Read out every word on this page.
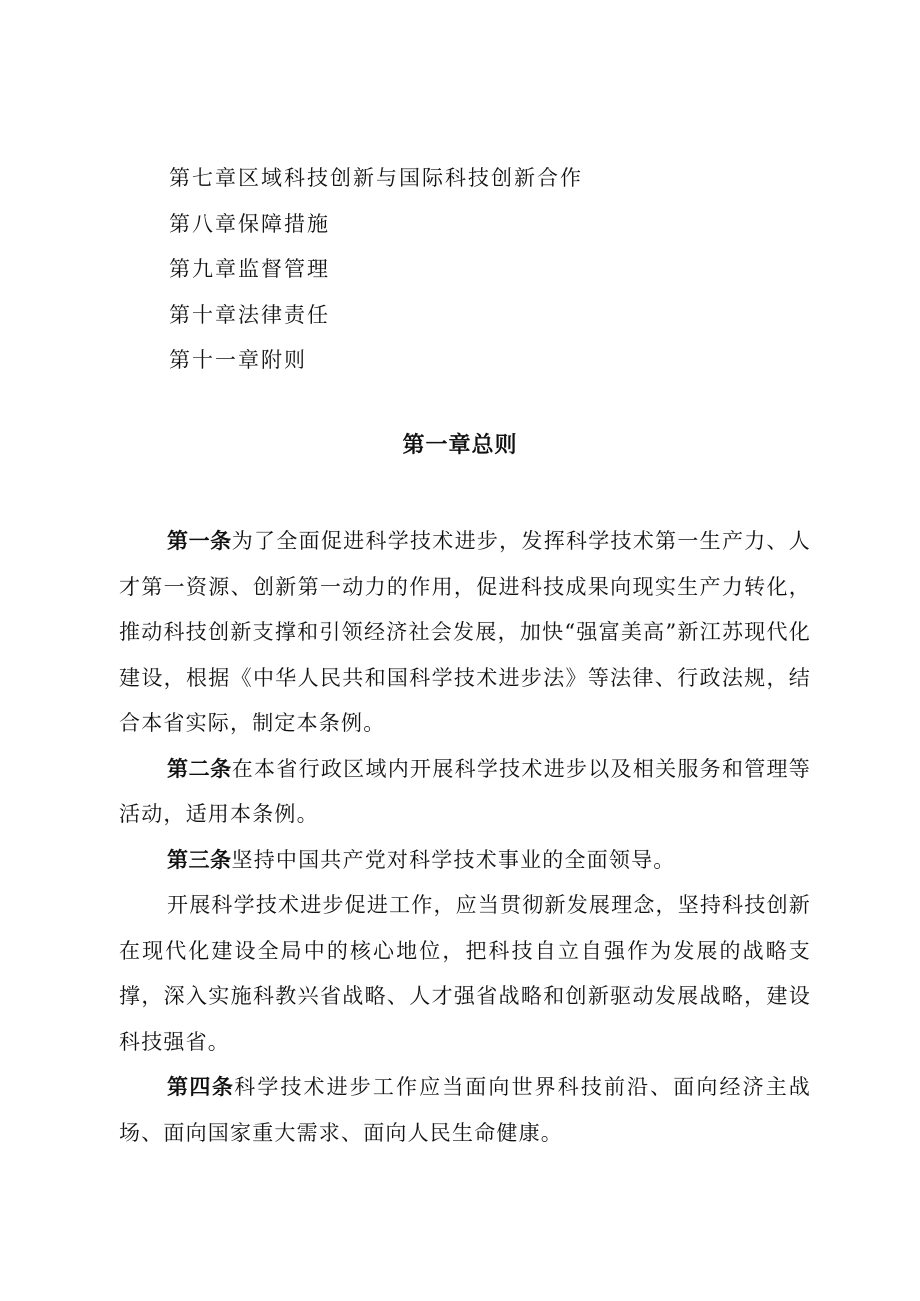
第七章区域科技创新与国际科技创新合作
第八章保障措施
第九章监督管理
第十章法律责任
第十一章附则
第一章总则

第一条为了全面促进科学技术进步，发挥科学技术第一生产力、人才第一资源、创新第一动力的作用，促进科技成果向现实生产力转化，推动科技创新支撑和引领经济社会发展，加快“强富美高”新江苏现代化建设，根据《中华人民共和国科学技术进步法》等法律、行政法规，结合本省实际，制定本条例。

第二条在本省行政区域内开展科学技术进步以及相关服务和管理等活动，适用本条例。

第三条坚持中国共产党对科学技术事业的全面领导。

开展科学技术进步促进工作，应当贯彻新发展理念，坚持科技创新在现代化建设全局中的核心地位，把科技自立自强作为发展的战略支撑，深入实施科教兴省战略、人才强省战略和创新驱动发展战略，建设科技强省。

第四条科学技术进步工作应当面向世界科技前沿、面向经济主战场、面向国家重大需求、面向人民生命健康。
